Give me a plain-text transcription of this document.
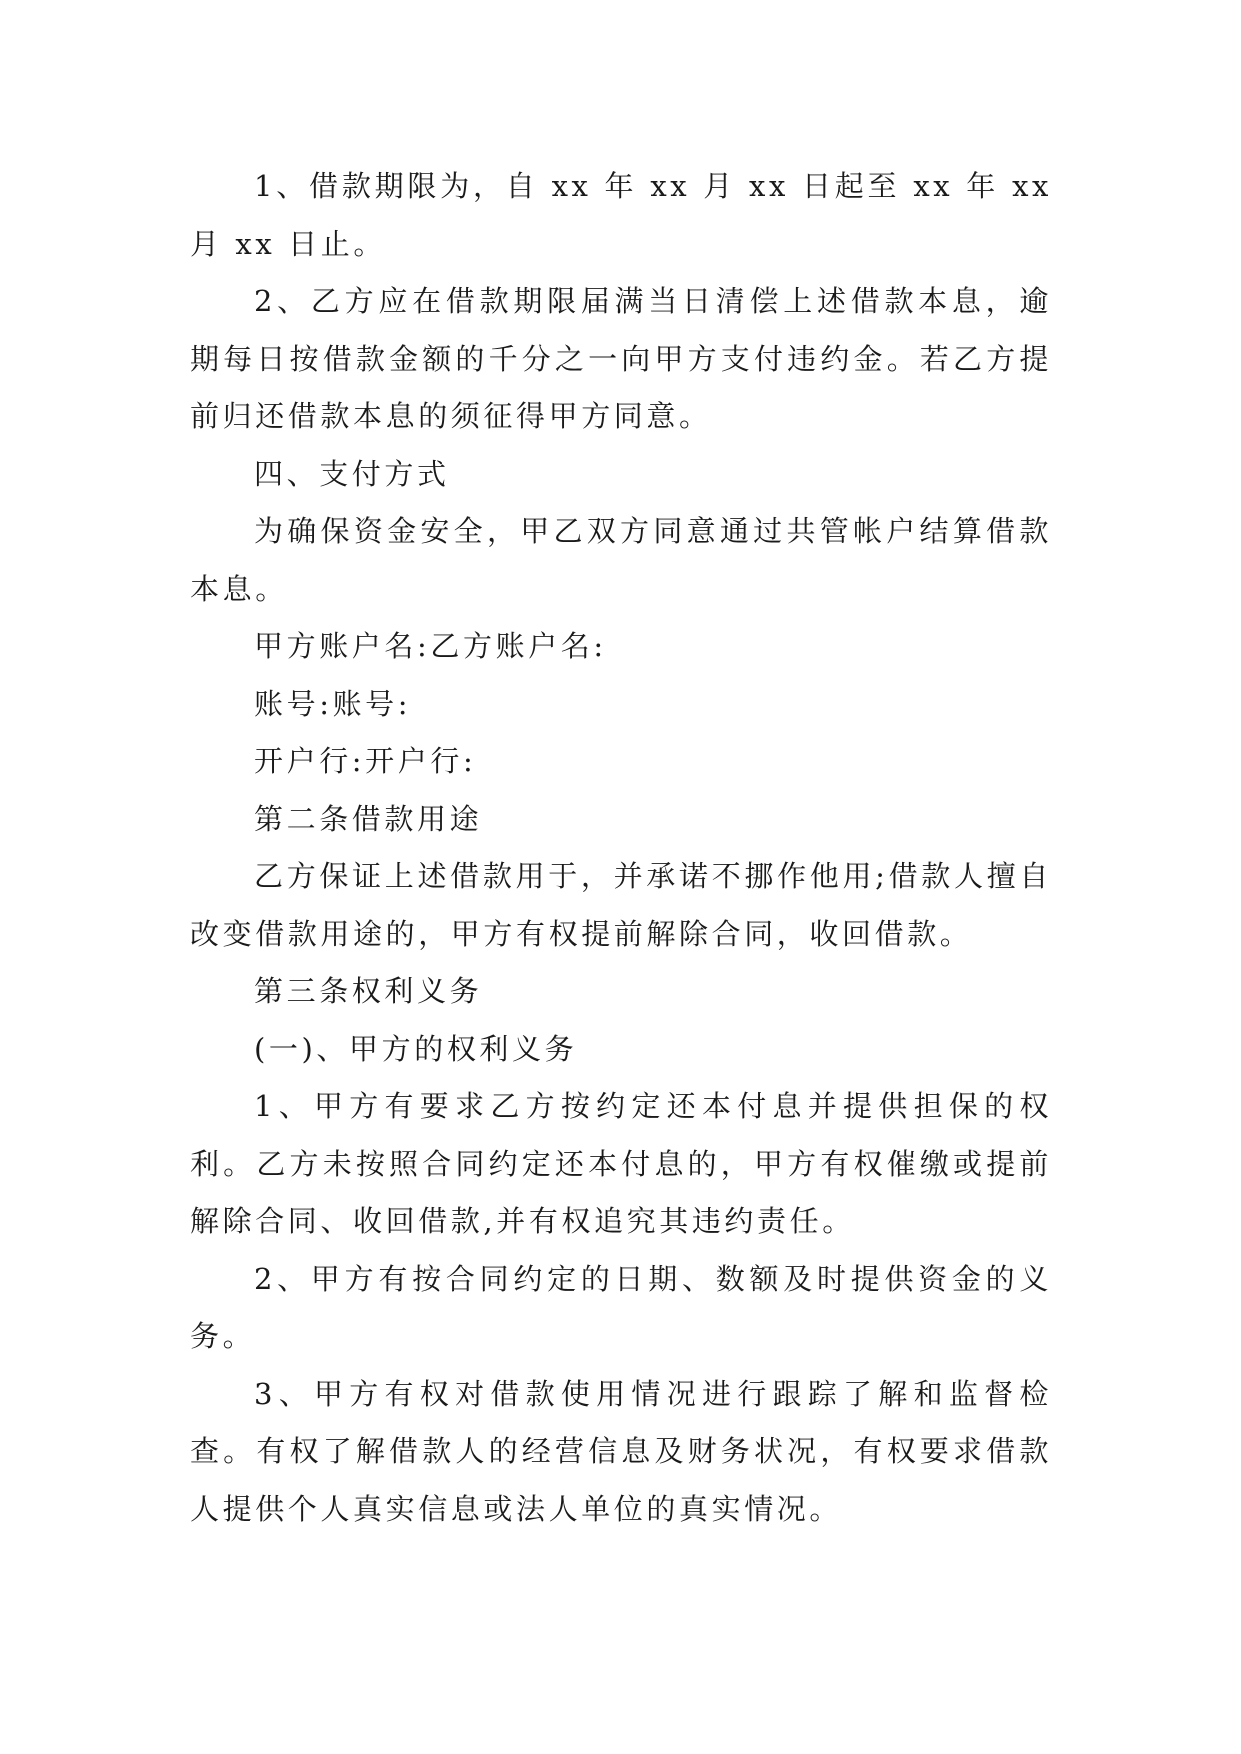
1、借款期限为，自 xx 年 xx 月 xx 日起至 xx 年 xx 月 xx 日止。

2、乙方应在借款期限届满当日清偿上述借款本息，逾期每日按借款金额的千分之一向甲方支付违约金。若乙方提前归还借款本息的须征得甲方同意。

四、支付方式

为确保资金安全，甲乙双方同意通过共管帐户结算借款本息。

甲方账户名:乙方账户名:

账号:账号:

开户行:开户行:

第二条借款用途

乙方保证上述借款用于，并承诺不挪作他用;借款人擅自改变借款用途的，甲方有权提前解除合同，收回借款。

第三条权利义务

(一)、甲方的权利义务

1、甲方有要求乙方按约定还本付息并提供担保的权利。乙方未按照合同约定还本付息的，甲方有权催缴或提前解除合同、收回借款,并有权追究其违约责任。

2、甲方有按合同约定的日期、数额及时提供资金的义务。

3、甲方有权对借款使用情况进行跟踪了解和监督检查。有权了解借款人的经营信息及财务状况，有权要求借款人提供个人真实信息或法人单位的真实情况。
